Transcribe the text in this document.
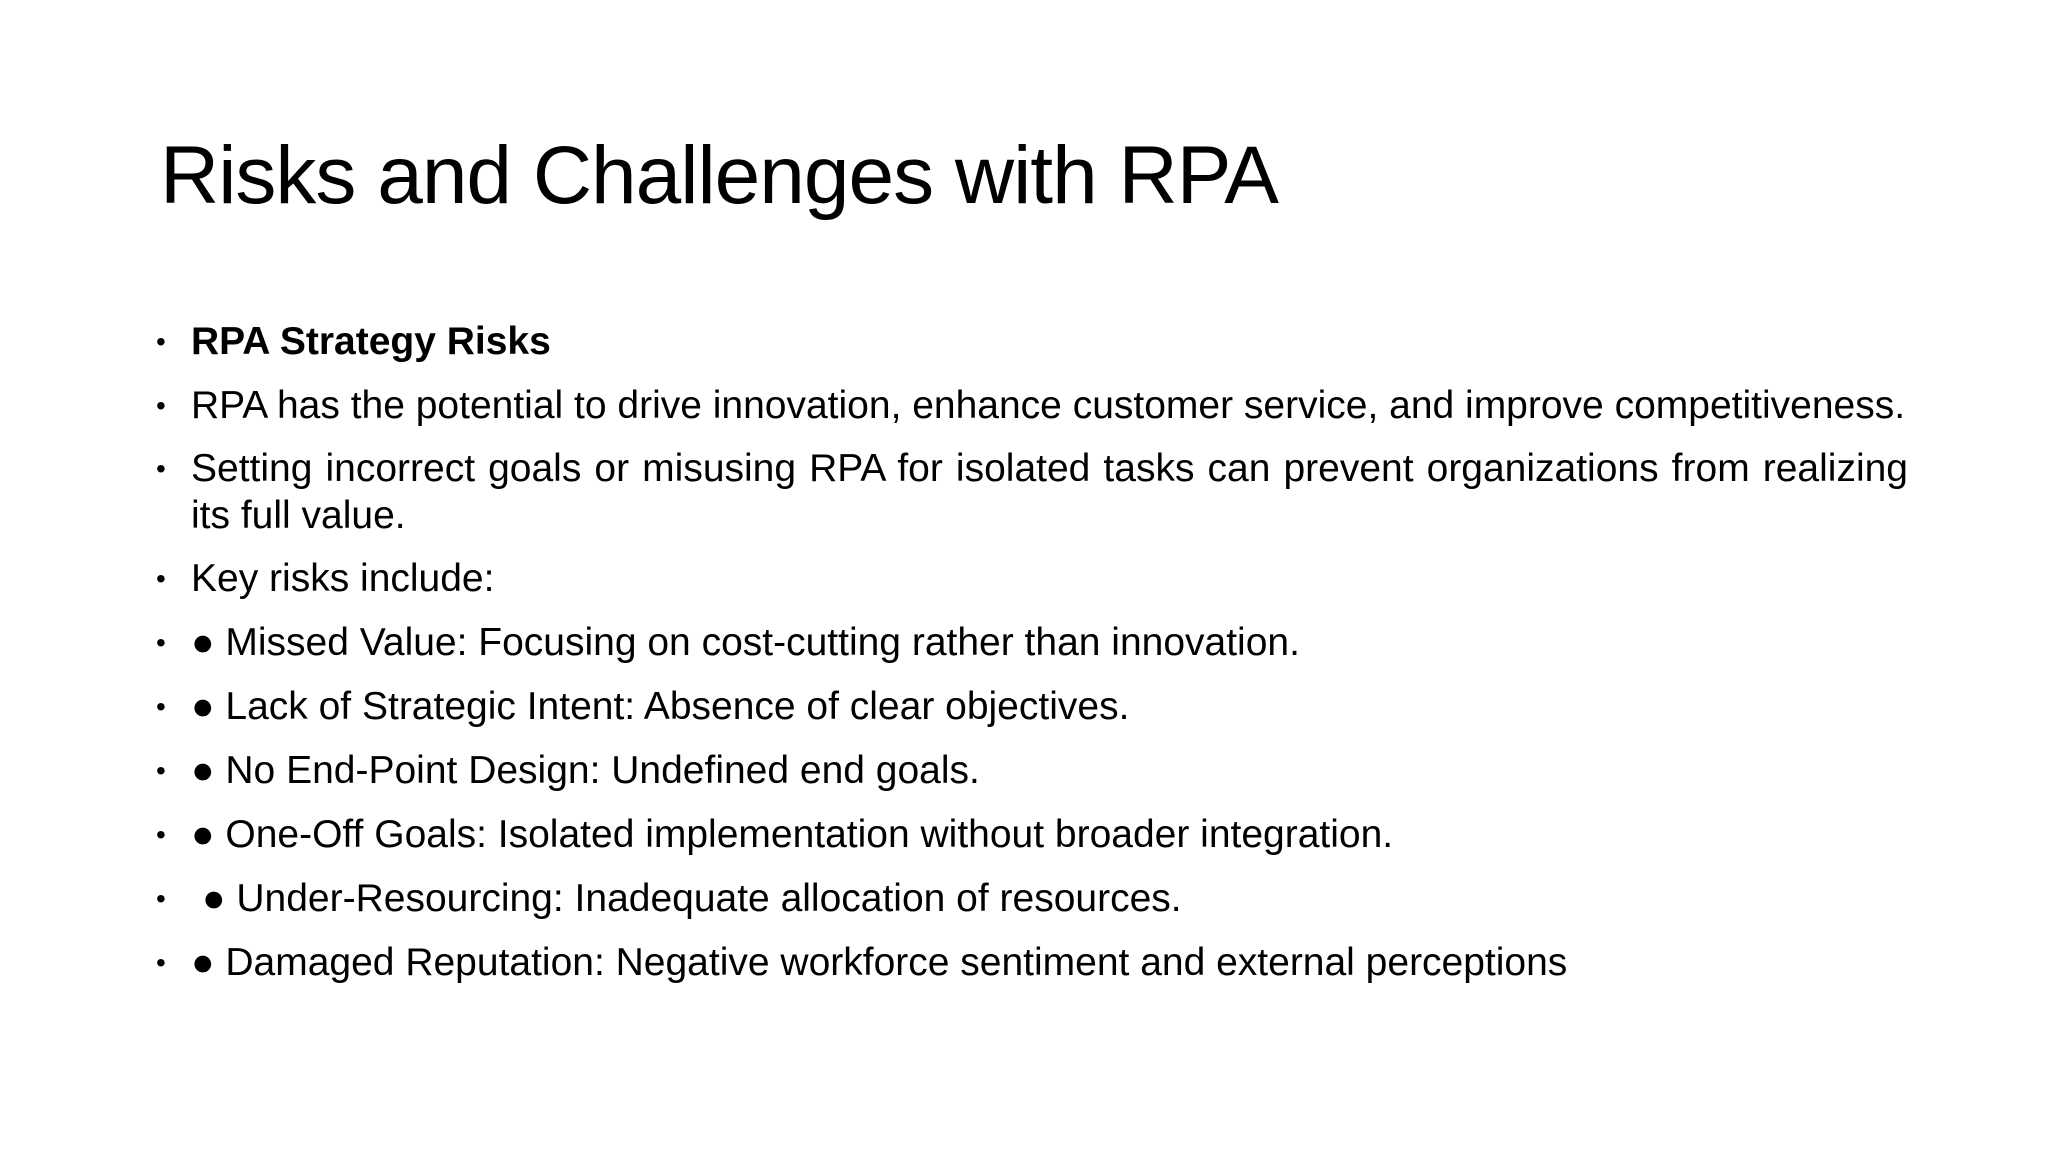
Risks and Challenges with RPA
• RPA Strategy Risks
• RPA has the potential to drive innovation, enhance customer service, and improve competitiveness.
• Setting incorrect goals or misusing RPA for isolated tasks can prevent organizations from realizing its full value.
• Key risks include:
• ● Missed Value: Focusing on cost-cutting rather than innovation.
• ● Lack of Strategic Intent: Absence of clear objectives.
• ● No End-Point Design: Undefined end goals.
• ● One-Off Goals: Isolated implementation without broader integration.
• ● Under-Resourcing: Inadequate allocation of resources.
• ● Damaged Reputation: Negative workforce sentiment and external perceptions
